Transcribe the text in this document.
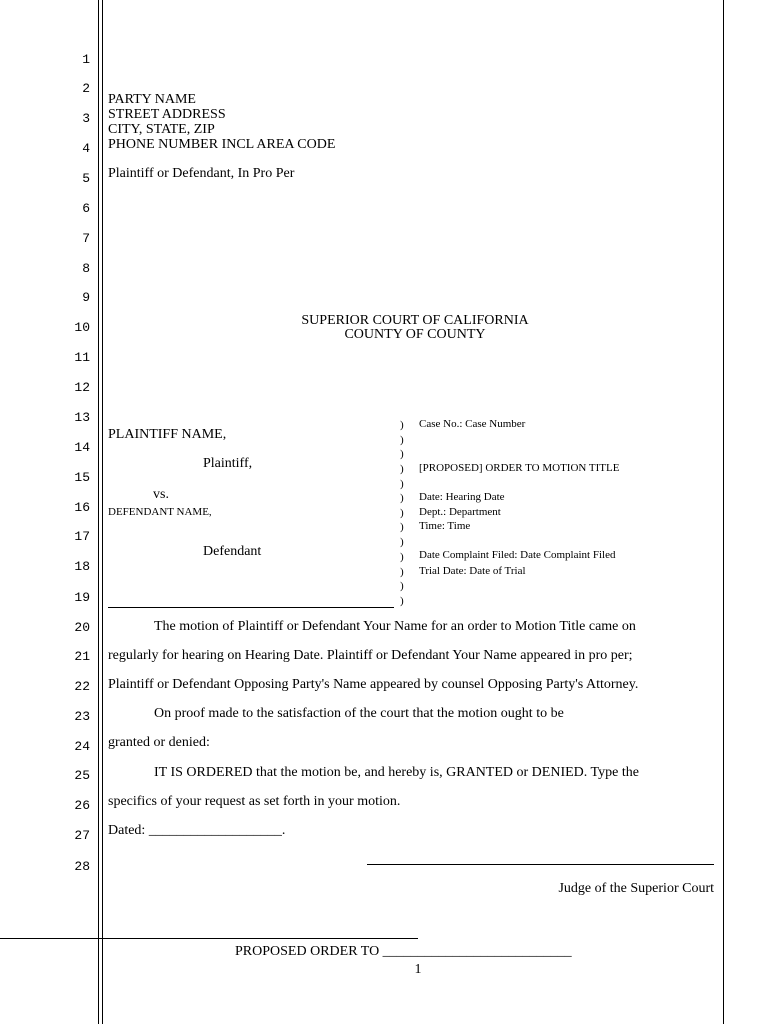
1
2
3
4
5
6
7
8
9
10
11
12
13
14
15
16
17
18
19
20
21
22
23
24
25
26
27
28
PARTY NAME
STREET ADDRESS
CITY, STATE, ZIP
PHONE NUMBER INCL AREA CODE
Plaintiff or Defendant, In Pro Per
SUPERIOR COURT OF CALIFORNIA
COUNTY OF COUNTY
PLAINTIFF NAME,
Plaintiff,
vs.
DEFENDANT NAME,
Defendant
)
)
)
)
)
)
)
)
)
)
)
)
)
Case No.: Case Number
[PROPOSED] ORDER TO MOTION TITLE
Date: Hearing Date
Dept.: Department
Time: Time
Date Complaint Filed: Date Complaint Filed
Trial Date: Date of Trial
The motion of Plaintiff or Defendant Your Name for an order to Motion Title came on
regularly for hearing on Hearing Date. Plaintiff or Defendant Your Name appeared in pro per;
Plaintiff or Defendant Opposing Party's Name appeared by counsel Opposing Party's Attorney.
On proof made to the satisfaction of the court that the motion ought to be
granted or denied:
IT IS ORDERED that the motion be, and hereby is, GRANTED or DENIED. Type the
specifics of your request as set forth in your motion.
Dated: ___________________.
Judge of the Superior Court
PROPOSED ORDER TO ___________________________
1
